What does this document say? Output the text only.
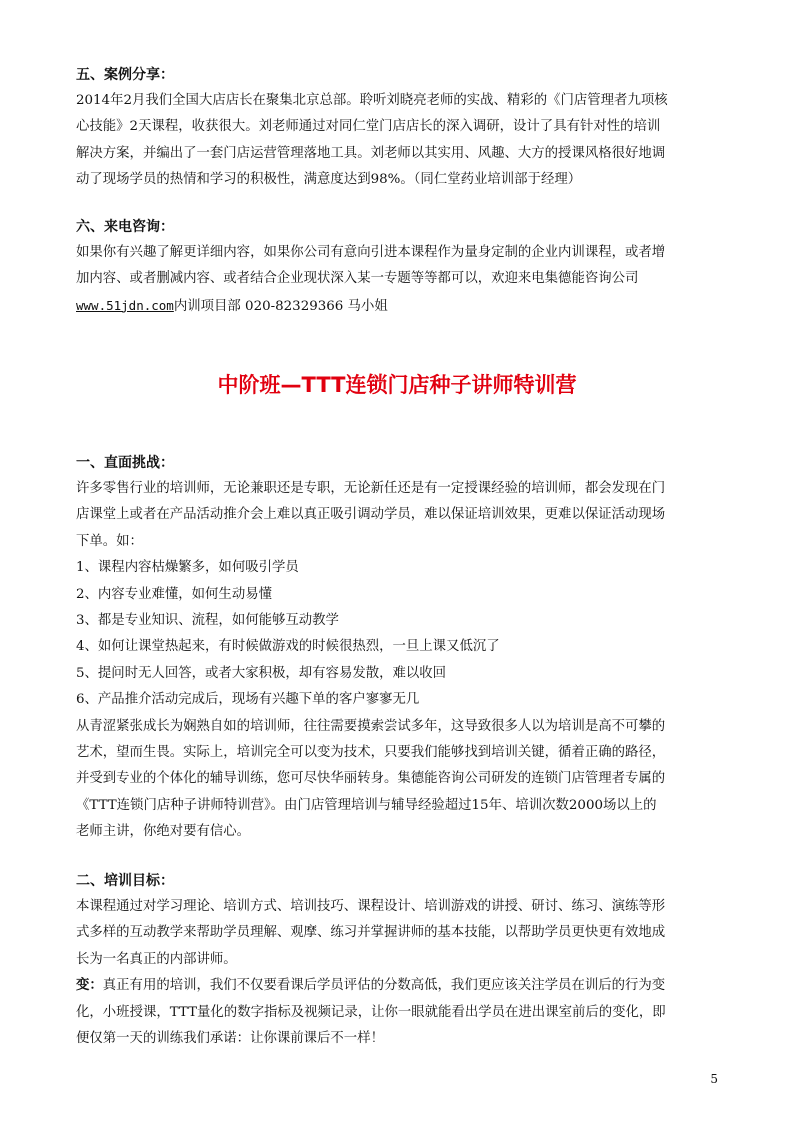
五、案例分享：

2014年2月我们全国大店店长在聚集北京总部。聆听刘晓亮老师的实战、精彩的《门店管理者九项核

心技能》2天课程，收获很大。刘老师通过对同仁堂门店店长的深入调研，设计了具有针对性的培训

解决方案，并编出了一套门店运营管理落地工具。刘老师以其实用、风趣、大方的授课风格很好地调

动了现场学员的热情和学习的积极性，满意度达到98%。（同仁堂药业培训部于经理）

六、来电咨询：

如果你有兴趣了解更详细内容，如果你公司有意向引进本课程作为量身定制的企业内训课程，或者增

加内容、或者删减内容、或者结合企业现状深入某一专题等等都可以，欢迎来电集德能咨询公司

www.51jdn.com内训项目部 020-82329366 马小姐

中阶班—TTT连锁门店种子讲师特训营
一、直面挑战：

许多零售行业的培训师，无论兼职还是专职，无论新任还是有一定授课经验的培训师，都会发现在门

店课堂上或者在产品活动推介会上难以真正吸引调动学员，难以保证培训效果，更难以保证活动现场

下单。如：

1、课程内容枯燥繁多，如何吸引学员

2、内容专业难懂，如何生动易懂

3、都是专业知识、流程，如何能够互动教学

4、如何让课堂热起来，有时候做游戏的时候很热烈，一旦上课又低沉了

5、提问时无人回答，或者大家积极，却有容易发散，难以收回

6、产品推介活动完成后，现场有兴趣下单的客户寥寥无几

从青涩紧张成长为娴熟自如的培训师，往往需要摸索尝试多年，这导致很多人以为培训是高不可攀的

艺术，望而生畏。实际上，培训完全可以变为技术，只要我们能够找到培训关键，循着正确的路径，

并受到专业的个体化的辅导训练，您可尽快华丽转身。集德能咨询公司研发的连锁门店管理者专属的

《TTT连锁门店种子讲师特训营》。由门店管理培训与辅导经验超过15年、培训次数2000场以上的

老师主讲，你绝对要有信心。

二、培训目标：

本课程通过对学习理论、培训方式、培训技巧、课程设计、培训游戏的讲授、研讨、练习、演练等形

式多样的互动教学来帮助学员理解、观摩、练习并掌握讲师的基本技能，以帮助学员更快更有效地成

长为一名真正的内部讲师。

变：真正有用的培训，我们不仅要看课后学员评估的分数高低，我们更应该关注学员在训后的行为变

化，小班授课，TTT量化的数字指标及视频记录，让你一眼就能看出学员在进出课室前后的变化，即

便仅第一天的训练我们承诺：让你课前课后不一样！

5
